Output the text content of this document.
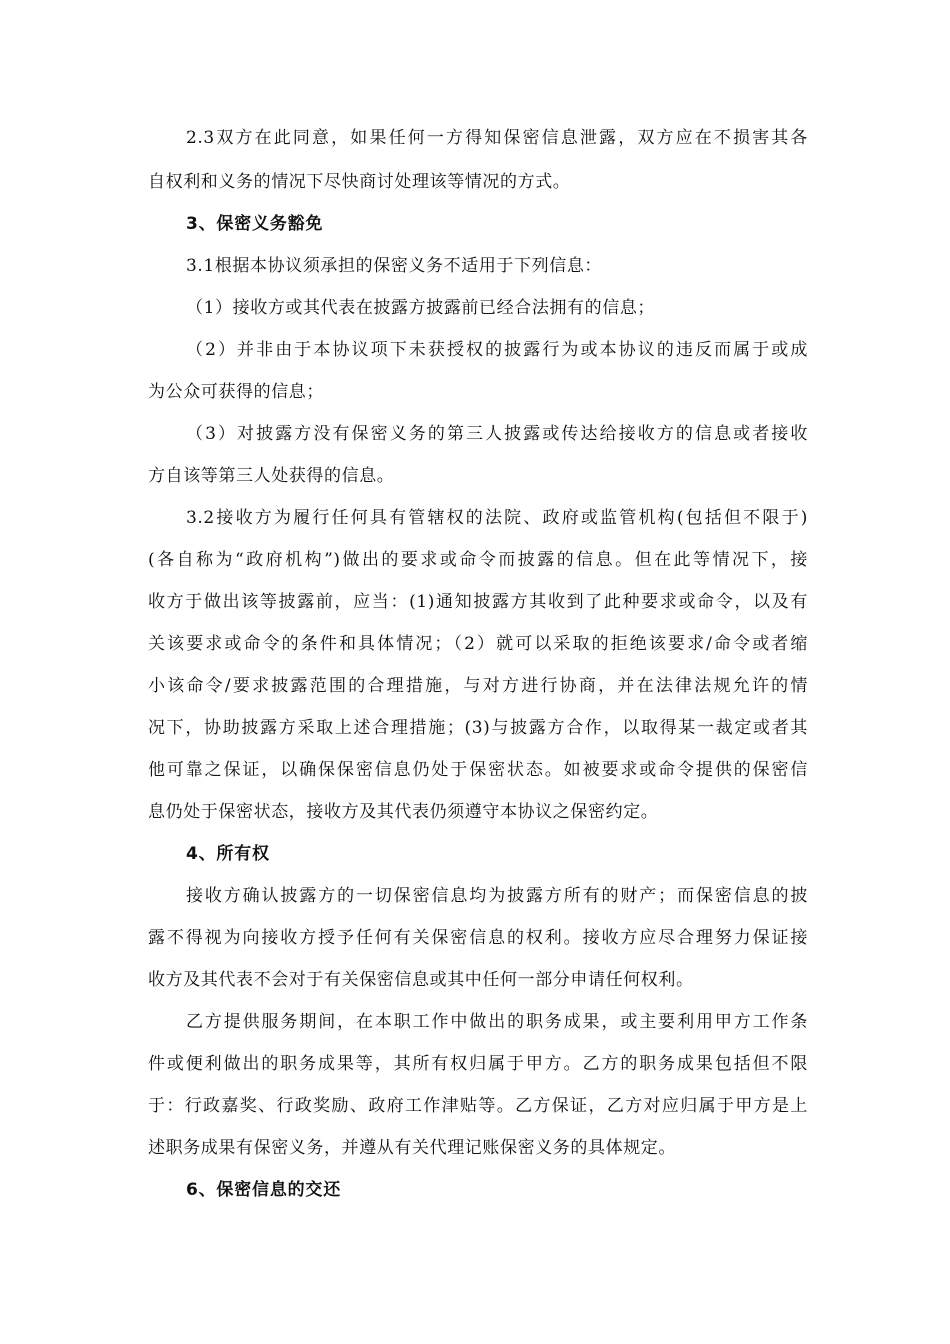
2.3双方在此同意，如果任何一方得知保密信息泄露，双方应在不损害其各
自权利和义务的情况下尽快商讨处理该等情况的方式。
3、保密义务豁免
3.1根据本协议须承担的保密义务不适用于下列信息：
（1）接收方或其代表在披露方披露前已经合法拥有的信息；
（2）并非由于本协议项下未获授权的披露行为或本协议的违反而属于或成
为公众可获得的信息；
（3）对披露方没有保密义务的第三人披露或传达给接收方的信息或者接收
方自该等第三人处获得的信息。
3.2接收方为履行任何具有管辖权的法院、政府或监管机构(包括但不限于)
(各自称为“政府机构”)做出的要求或命令而披露的信息。但在此等情况下，接
收方于做出该等披露前，应当：(1)通知披露方其收到了此种要求或命令，以及有
关该要求或命令的条件和具体情况；（2）就可以采取的拒绝该要求/命令或者缩
小该命令/要求披露范围的合理措施，与对方进行协商，并在法律法规允许的情
况下，协助披露方采取上述合理措施；(3)与披露方合作，以取得某一裁定或者其
他可靠之保证，以确保保密信息仍处于保密状态。如被要求或命令提供的保密信
息仍处于保密状态，接收方及其代表仍须遵守本协议之保密约定。
4、所有权
接收方确认披露方的一切保密信息均为披露方所有的财产；而保密信息的披
露不得视为向接收方授予任何有关保密信息的权利。接收方应尽合理努力保证接
收方及其代表不会对于有关保密信息或其中任何一部分申请任何权利。
乙方提供服务期间，在本职工作中做出的职务成果，或主要利用甲方工作条
件或便利做出的职务成果等，其所有权归属于甲方。乙方的职务成果包括但不限
于：行政嘉奖、行政奖励、政府工作津贴等。乙方保证，乙方对应归属于甲方是上
述职务成果有保密义务，并遵从有关代理记账保密义务的具体规定。
6、保密信息的交还
